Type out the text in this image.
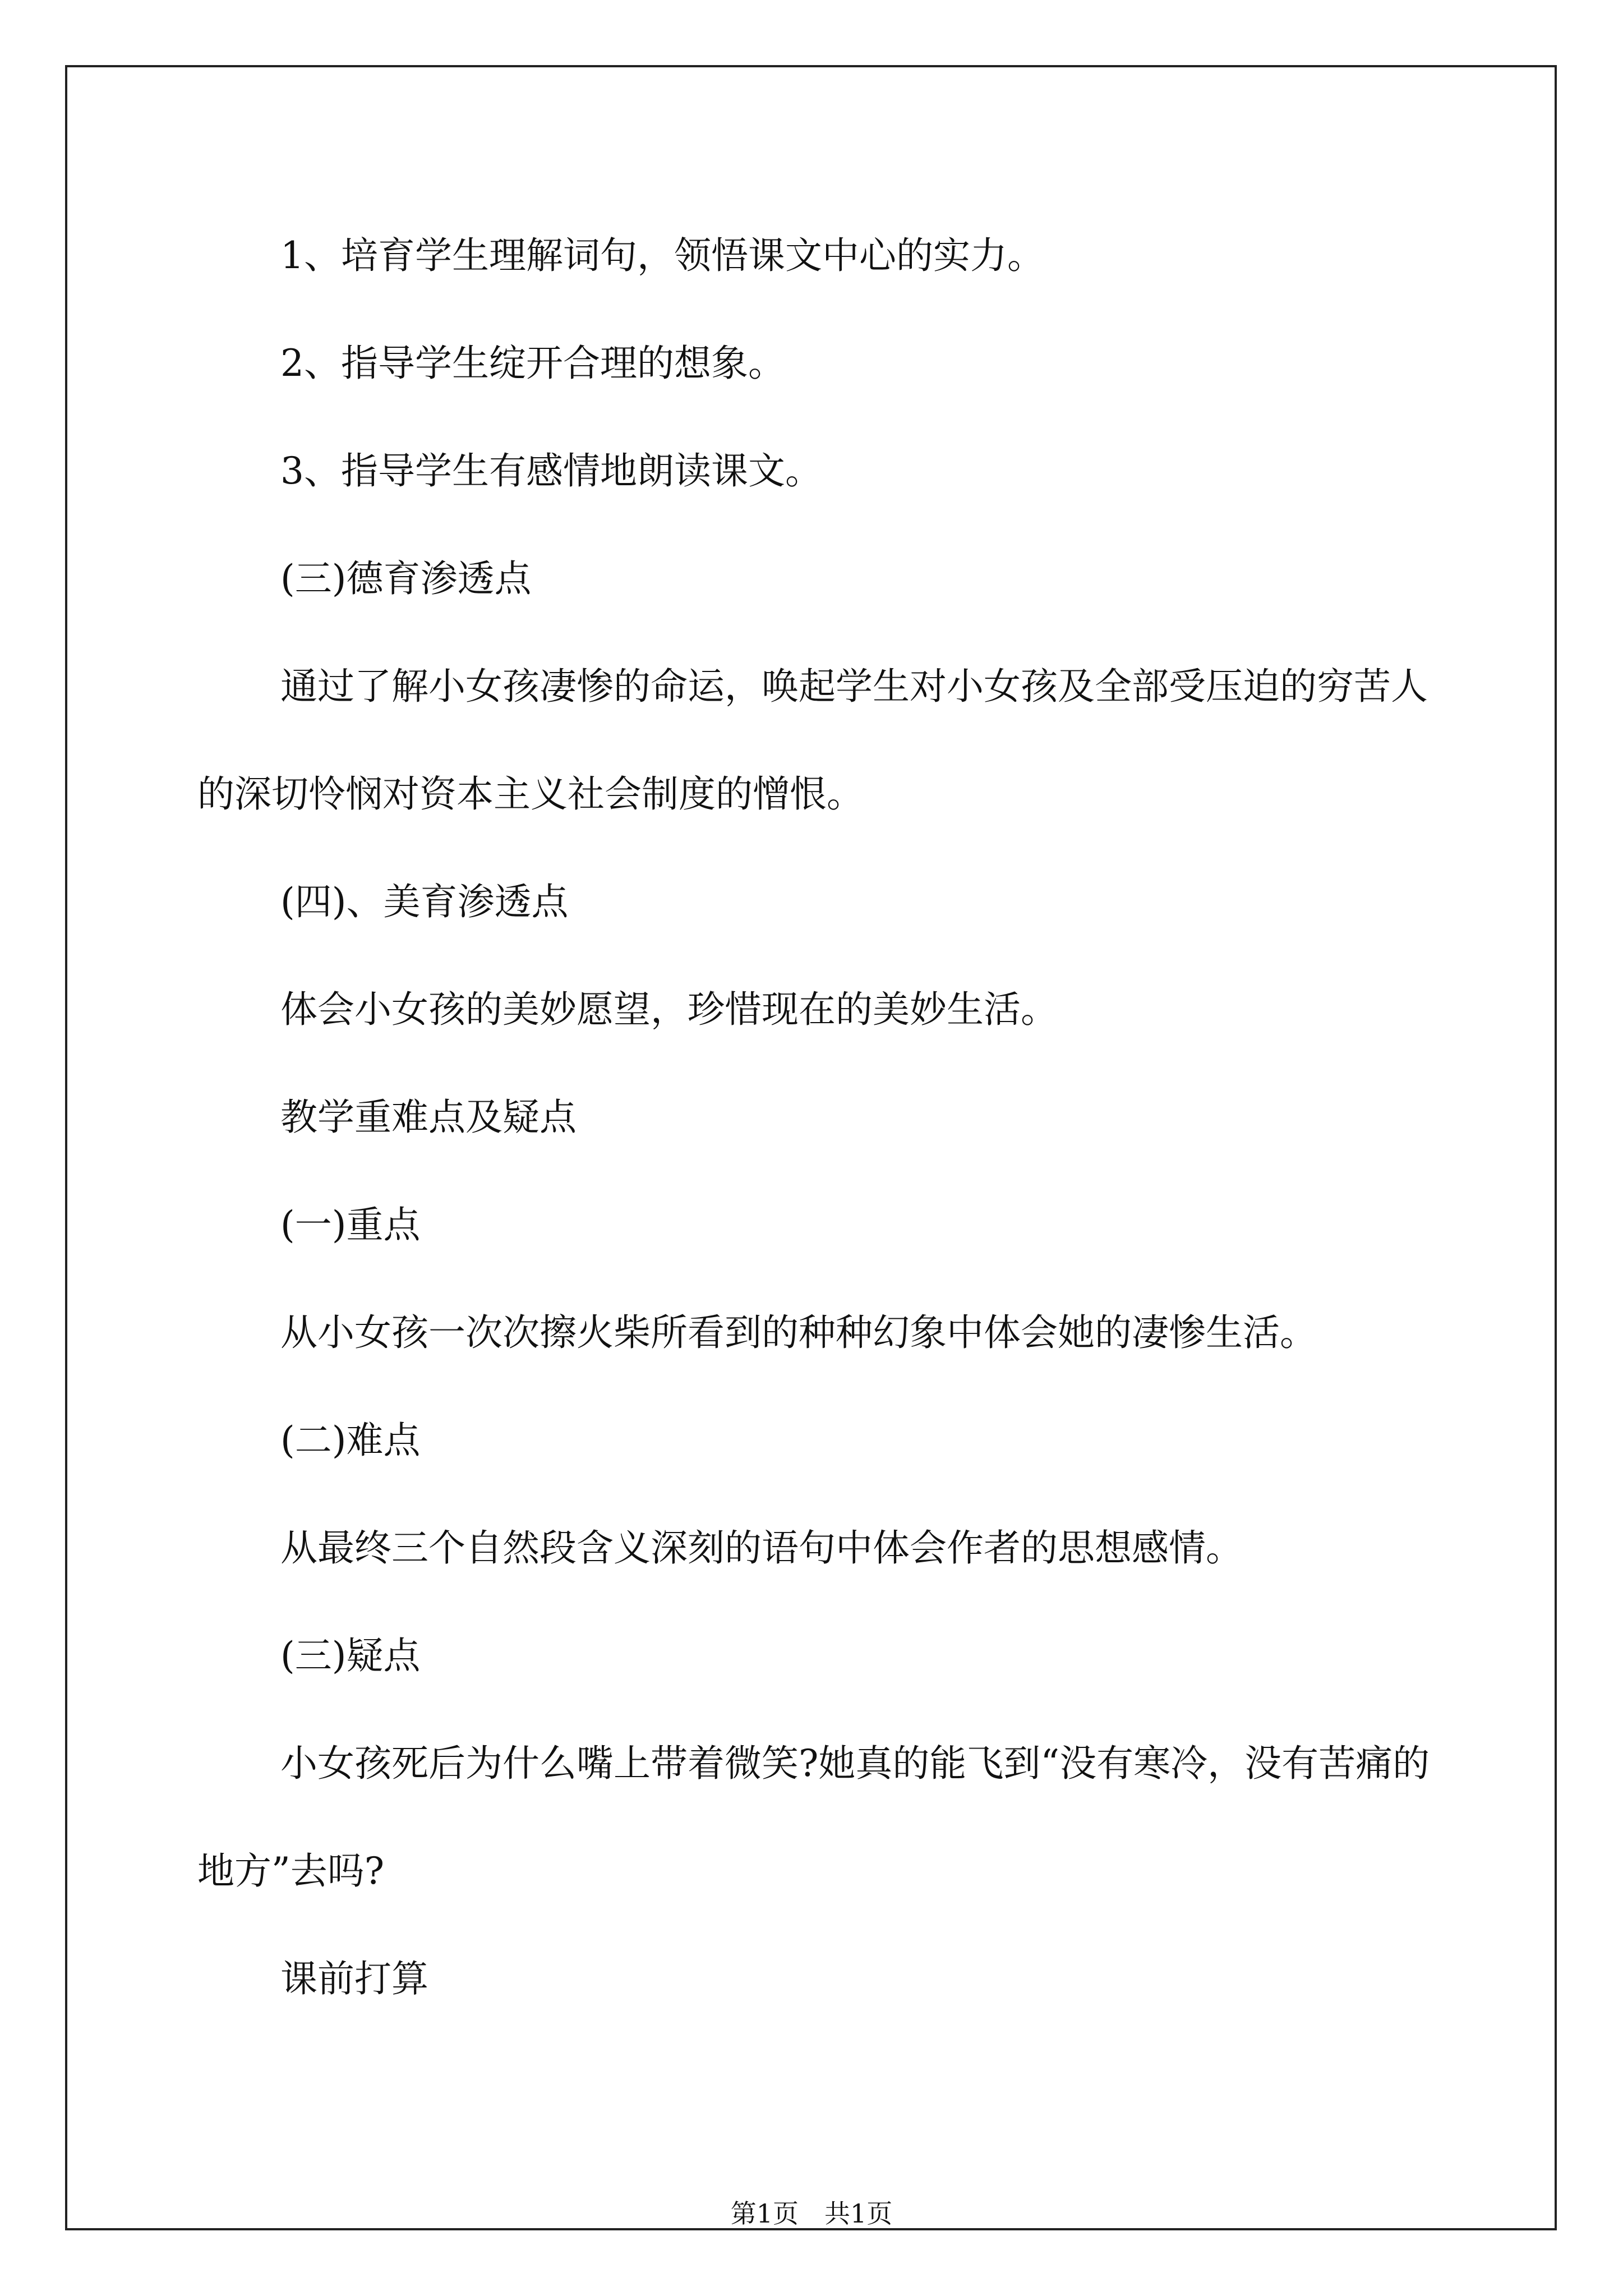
1、培育学生理解词句，领悟课文中心的实力。

2、指导学生绽开合理的想象。

3、指导学生有感情地朗读课文。

(三)德育渗透点

通过了解小女孩凄惨的命运，唤起学生对小女孩及全部受压迫的穷苦人的深切怜悯对资本主义社会制度的憎恨。

(四)、美育渗透点

体会小女孩的美妙愿望，珍惜现在的美妙生活。

教学重难点及疑点

(一)重点

从小女孩一次次擦火柴所看到的种种幻象中体会她的凄惨生活。

(二)难点

从最终三个自然段含义深刻的语句中体会作者的思想感情。

(三)疑点

小女孩死后为什么嘴上带着微笑?她真的能飞到“没有寒冷，没有苦痛的地方”去吗?

课前打算

第1页　共1页
